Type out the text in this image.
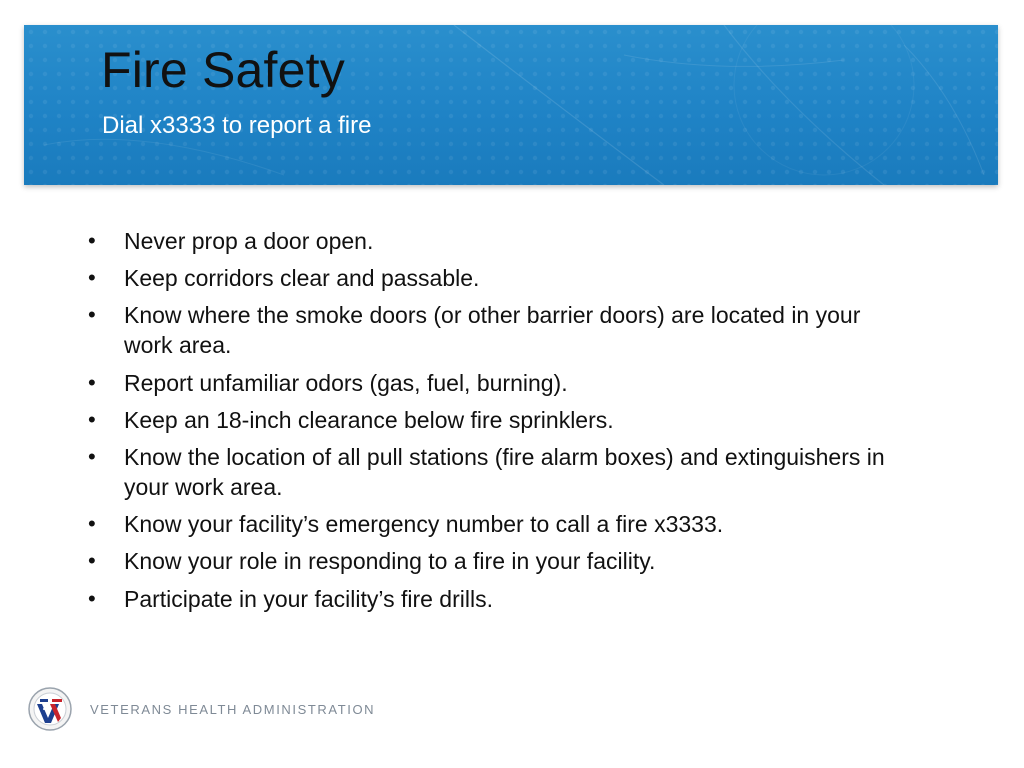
Fire Safety
Dial x3333 to report a fire
• Never prop a door open.
• Keep corridors clear and passable.
• Know where the smoke doors (or other barrier doors) are located in your work area.
• Report unfamiliar odors (gas, fuel, burning).
• Keep an 18-inch clearance below fire sprinklers.
• Know the location of all pull stations (fire alarm boxes) and extinguishers in your work area.
• Know your facility’s emergency number to call a fire x3333.
• Know your role in responding to a fire in your facility.
• Participate in your facility’s fire drills.
VETERANS HEALTH ADMINISTRATION
